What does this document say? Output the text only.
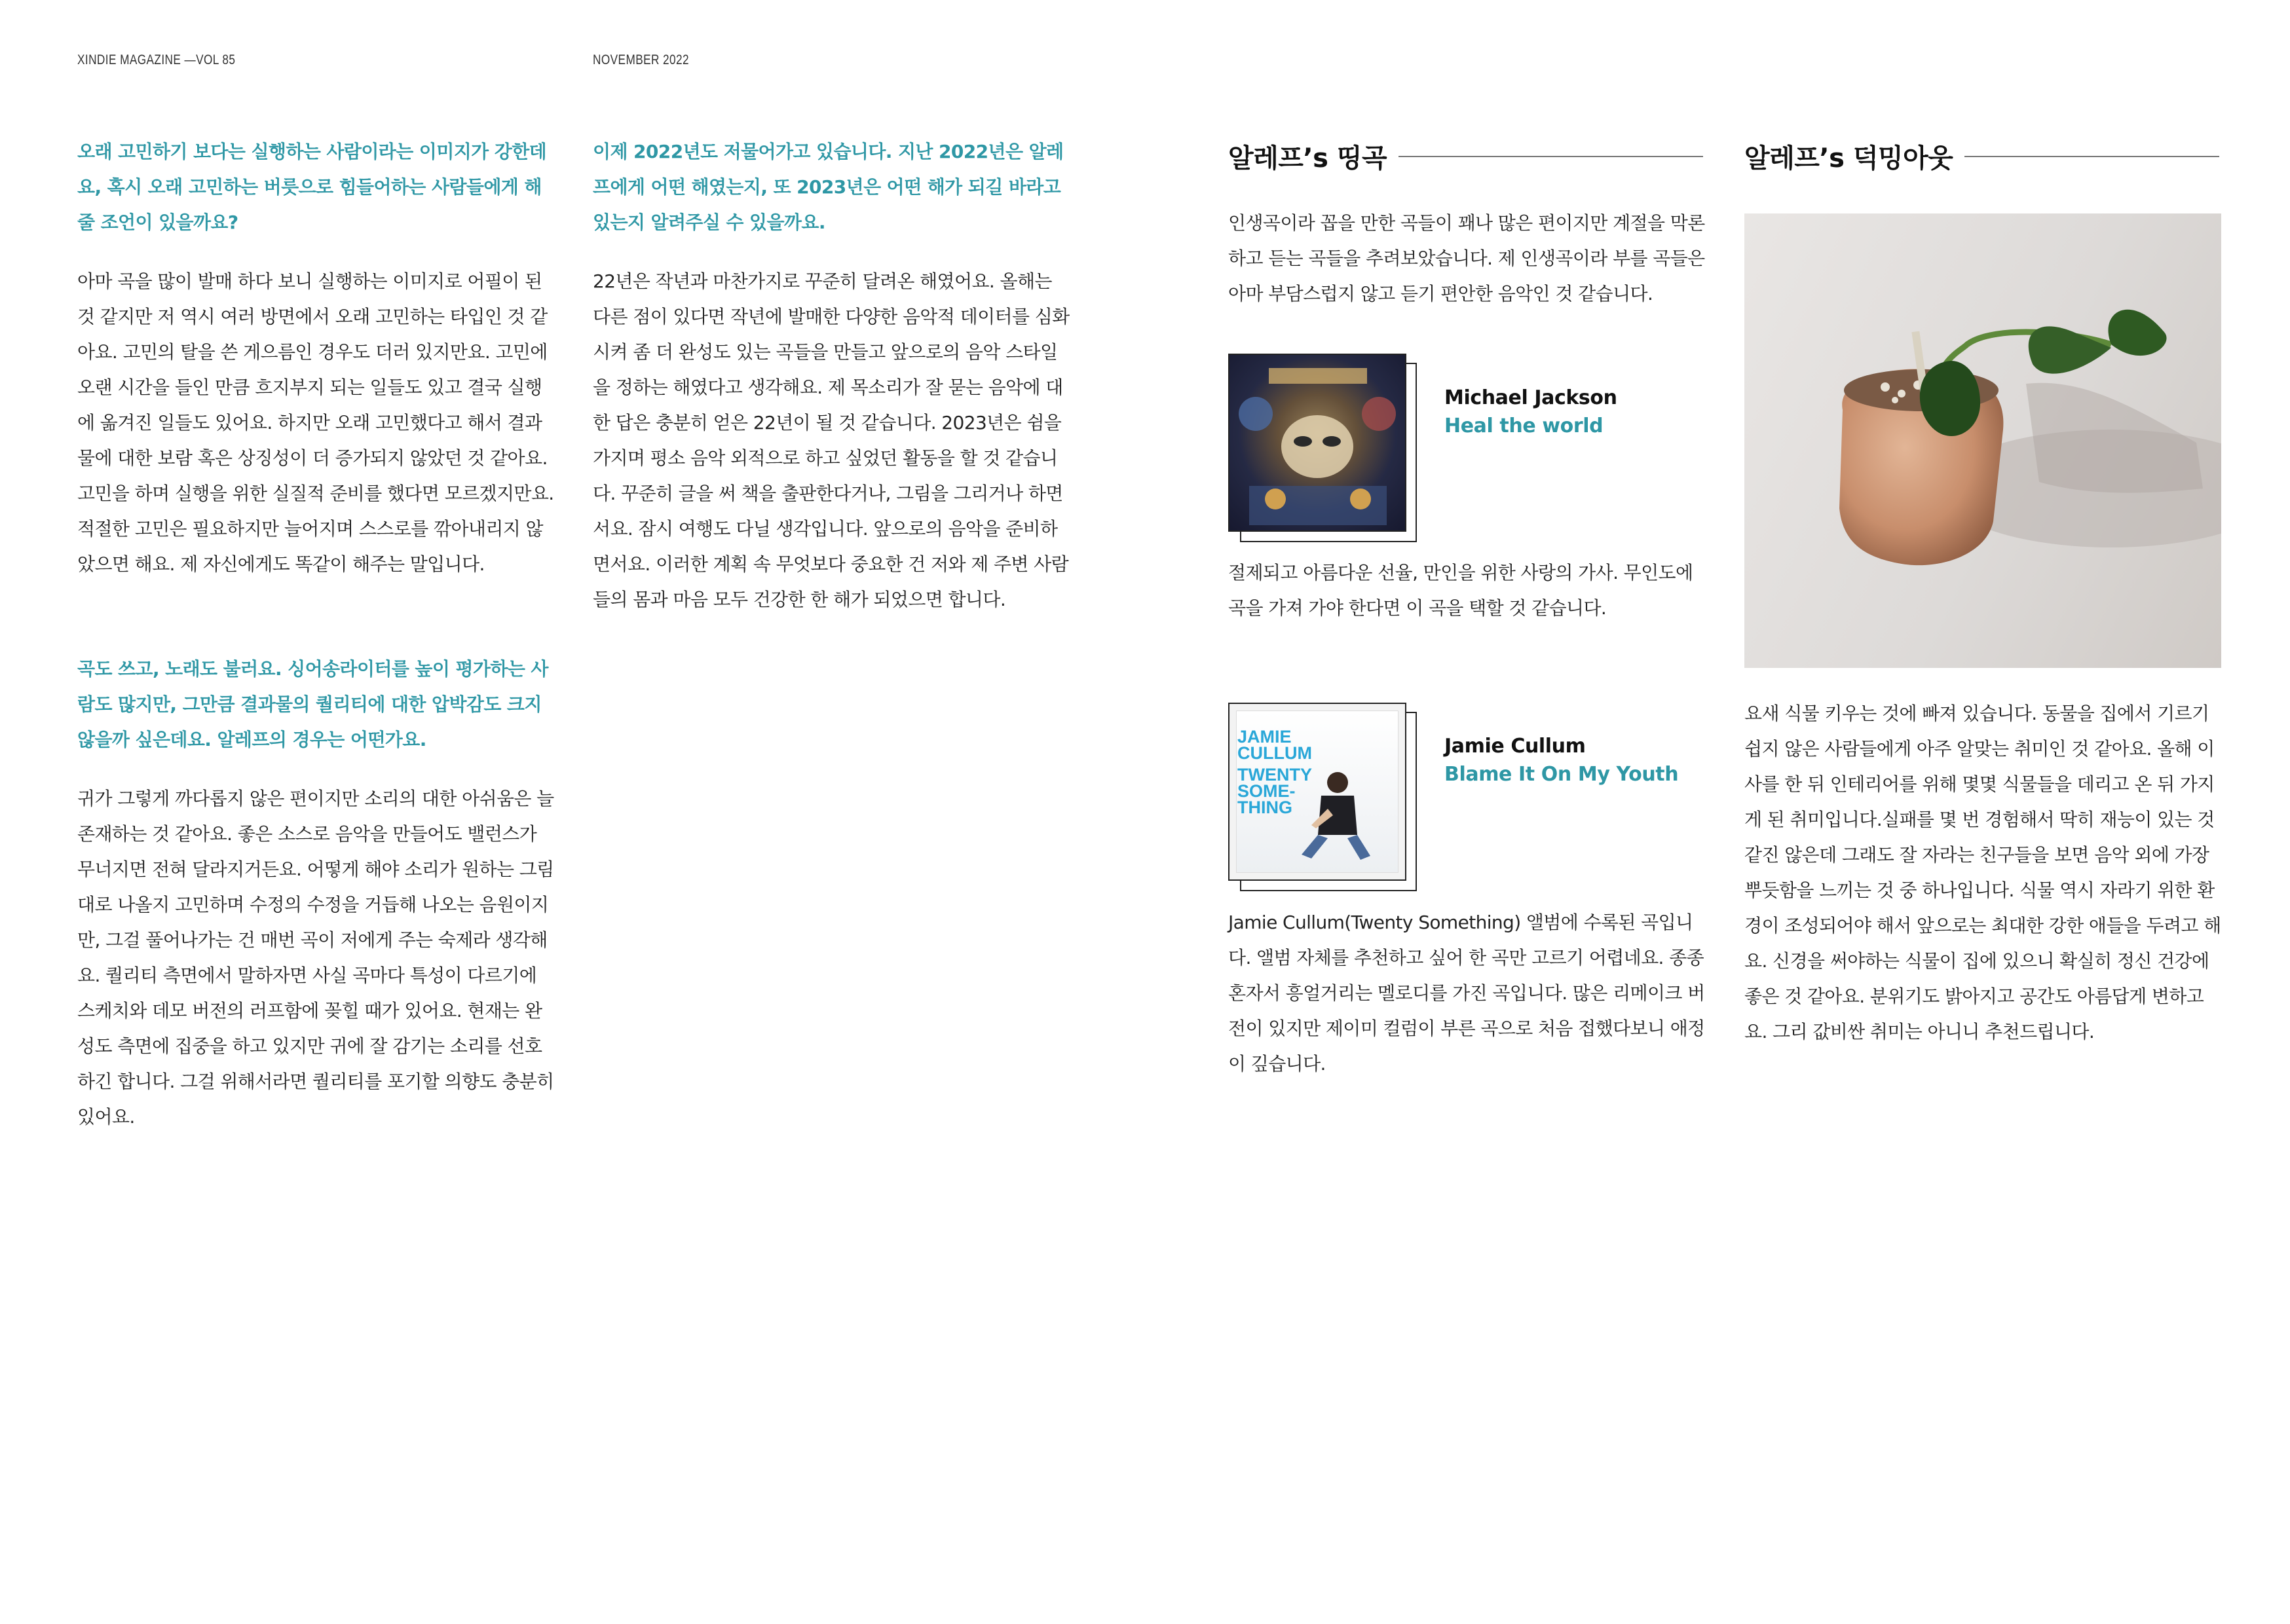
XINDIE MAGAZINE —VOL 85	NOVEMBER 2022

오래 고민하기 보다는 실행하는 사람이라는 이미지가 강한데요, 혹시 오래 고민하는 버릇으로 힘들어하는 사람들에게 해줄 조언이 있을까요?

아마 곡을 많이 발매 하다 보니 실행하는 이미지로 어필이 된 것 같지만 저 역시 여러 방면에서 오래 고민하는 타입인 것 같아요. 고민의 탈을 쓴 게으름인 경우도 더러 있지만요. 고민에 오랜 시간을 들인 만큼 흐지부지 되는 일들도 있고 결국 실행에 옮겨진 일들도 있어요. 하지만 오래 고민했다고 해서 결과물에 대한 보람 혹은 상징성이 더 증가되지 않았던 것 같아요. 고민을 하며 실행을 위한 실질적 준비를 했다면 모르겠지만요. 적절한 고민은 필요하지만 늘어지며 스스로를 깎아내리지 않았으면 해요. 제 자신에게도 똑같이 해주는 말입니다.

곡도 쓰고, 노래도 불러요. 싱어송라이터를 높이 평가하는 사람도 많지만, 그만큼 결과물의 퀄리티에 대한 압박감도 크지 않을까 싶은데요. 알레프의 경우는 어떤가요.

귀가 그렇게 까다롭지 않은 편이지만 소리의 대한 아쉬움은 늘 존재하는 것 같아요. 좋은 소스로 음악을 만들어도 밸런스가 무너지면 전혀 달라지거든요. 어떻게 해야 소리가 원하는 그림대로 나올지 고민하며 수정의 수정을 거듭해 나오는 음원이지만, 그걸 풀어나가는 건 매번 곡이 저에게 주는 숙제라 생각해요. 퀄리티 측면에서 말하자면 사실 곡마다 특성이 다르기에 스케치와 데모 버전의 러프함에 꽂힐 때가 있어요. 현재는 완성도 측면에 집중을 하고 있지만 귀에 잘 감기는 소리를 선호하긴 합니다. 그걸 위해서라면 퀄리티를 포기할 의향도 충분히 있어요.

이제 2022년도 저물어가고 있습니다. 지난 2022년은 알레프에게 어떤 해였는지, 또 2023년은 어떤 해가 되길 바라고 있는지 알려주실 수 있을까요.

22년은 작년과 마찬가지로 꾸준히 달려온 해였어요. 올해는 다른 점이 있다면 작년에 발매한 다양한 음악적 데이터를 심화시켜 좀 더 완성도 있는 곡들을 만들고 앞으로의 음악 스타일을 정하는 해였다고 생각해요. 제 목소리가 잘 묻는 음악에 대한 답은 충분히 얻은 22년이 될 것 같습니다. 2023년은 쉼을 가지며 평소 음악 외적으로 하고 싶었던 활동을 할 것 같습니다. 꾸준히 글을 써 책을 출판한다거나, 그림을 그리거나 하면서요. 잠시 여행도 다닐 생각입니다. 앞으로의 음악을 준비하면서요. 이러한 계획 속 무엇보다 중요한 건 저와 제 주변 사람들의 몸과 마음 모두 건강한 한 해가 되었으면 합니다.

알레프’s 띵곡

인생곡이라 꼽을 만한 곡들이 꽤나 많은 편이지만 계절을 막론하고 듣는 곡들을 추려보았습니다. 제 인생곡이라 부를 곡들은 아마 부담스럽지 않고 듣기 편안한 음악인 것 같습니다.

Michael Jackson
Heal the world

절제되고 아름다운 선율, 만인을 위한 사랑의 가사. 무인도에 곡을 가져 가야 한다면 이 곡을 택할 것 같습니다.

JAMIE
CULLUM
TWENTY
SOME-
THING
Jamie Cullum
Blame It On My Youth

Jamie Cullum(Twenty Something) 앨범에 수록된 곡입니다. 앨범 자체를 추천하고 싶어 한 곡만 고르기 어렵네요. 종종 혼자서 흥얼거리는 멜로디를 가진 곡입니다. 많은 리메이크 버전이 있지만 제이미 컬럼이 부른 곡으로 처음 접했다보니 애정이 깊습니다.

알레프’s 덕밍아웃

요새 식물 키우는 것에 빠져 있습니다. 동물을 집에서 기르기 쉽지 않은 사람들에게 아주 알맞는 취미인 것 같아요. 올해 이사를 한 뒤 인테리어를 위해 몇몇 식물들을 데리고 온 뒤 가지게 된 취미입니다.실패를 몇 번 경험해서 딱히 재능이 있는 것 같진 않은데 그래도 잘 자라는 친구들을 보면 음악 외에 가장 뿌듯함을 느끼는 것 중 하나입니다. 식물 역시 자라기 위한 환경이 조성되어야 해서 앞으로는 최대한 강한 애들을 두려고 해요. 신경을 써야하는 식물이 집에 있으니 확실히 정신 건강에 좋은 것 같아요. 분위기도 밝아지고 공간도 아름답게 변하고요. 그리 값비싼 취미는 아니니 추천드립니다.
